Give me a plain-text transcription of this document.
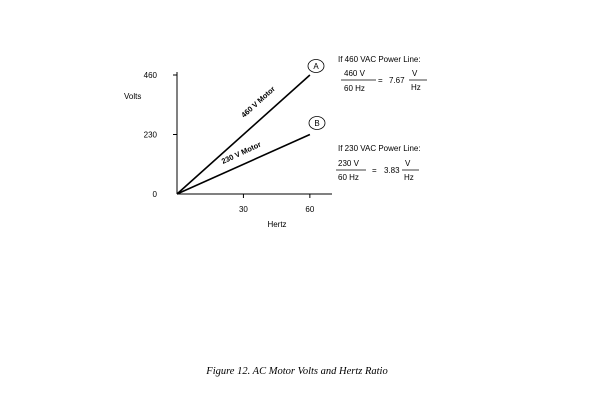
Volts
Hertz
0
230
460
30	60
460 V Motor
230 V Motor
A
B
If 460 VAC Power Line:
460 V
60 Hz
= 7.67
V
Hz
If 230 VAC Power Line:
230 V
60 Hz
= 3.83
V
Hz
Figure 12. AC Motor Volts and Hertz Ratio
